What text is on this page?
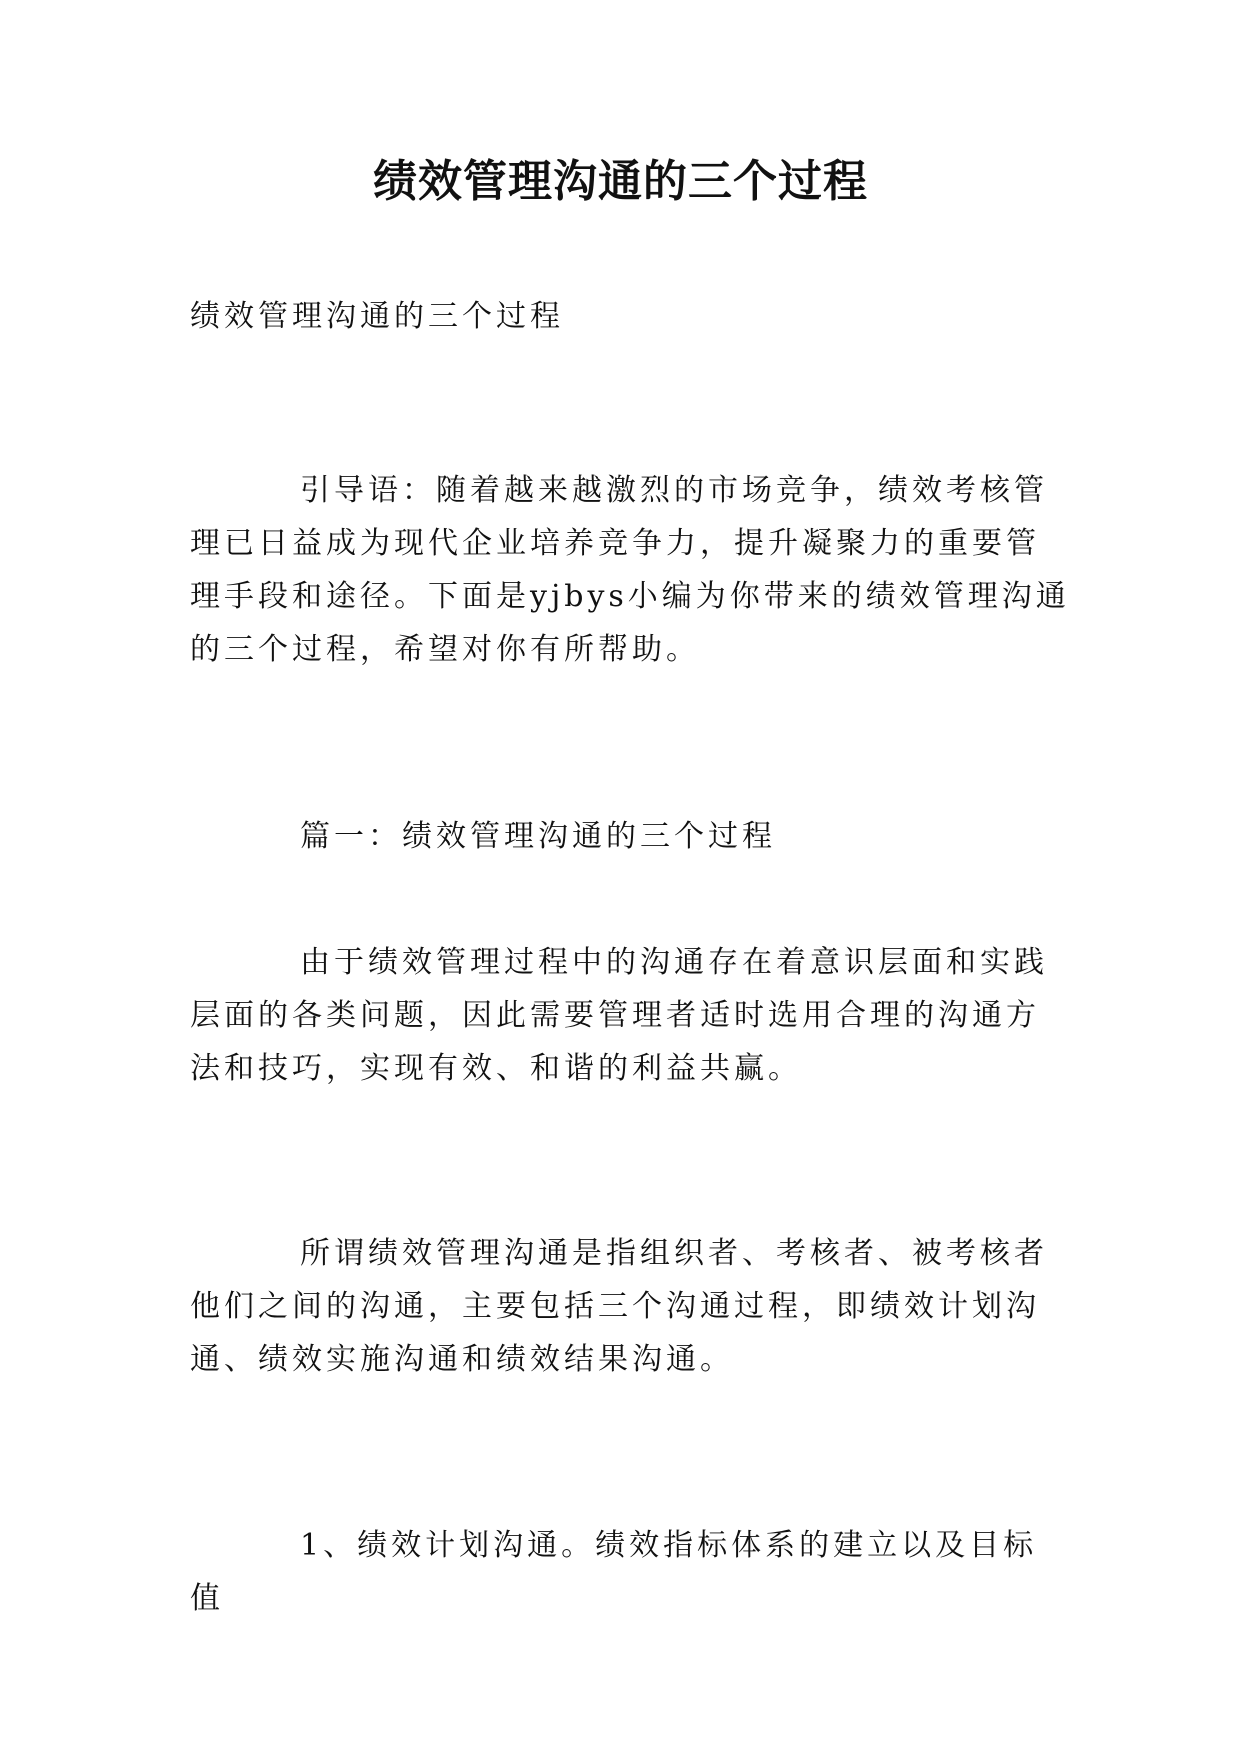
绩效管理沟通的三个过程

绩效管理沟通的三个过程

引导语：随着越来越激烈的市场竞争，绩效考核管理已日益成为现代企业培养竞争力，提升凝聚力的重要管理手段和途径。下面是yjbys小编为你带来的绩效管理沟通的三个过程，希望对你有所帮助。

篇一：绩效管理沟通的三个过程

由于绩效管理过程中的沟通存在着意识层面和实践层面的各类问题，因此需要管理者适时选用合理的沟通方法和技巧，实现有效、和谐的利益共赢。

所谓绩效管理沟通是指组织者、考核者、被考核者他们之间的沟通，主要包括三个沟通过程，即绩效计划沟通、绩效实施沟通和绩效结果沟通。

1、绩效计划沟通。绩效指标体系的建立以及目标值
